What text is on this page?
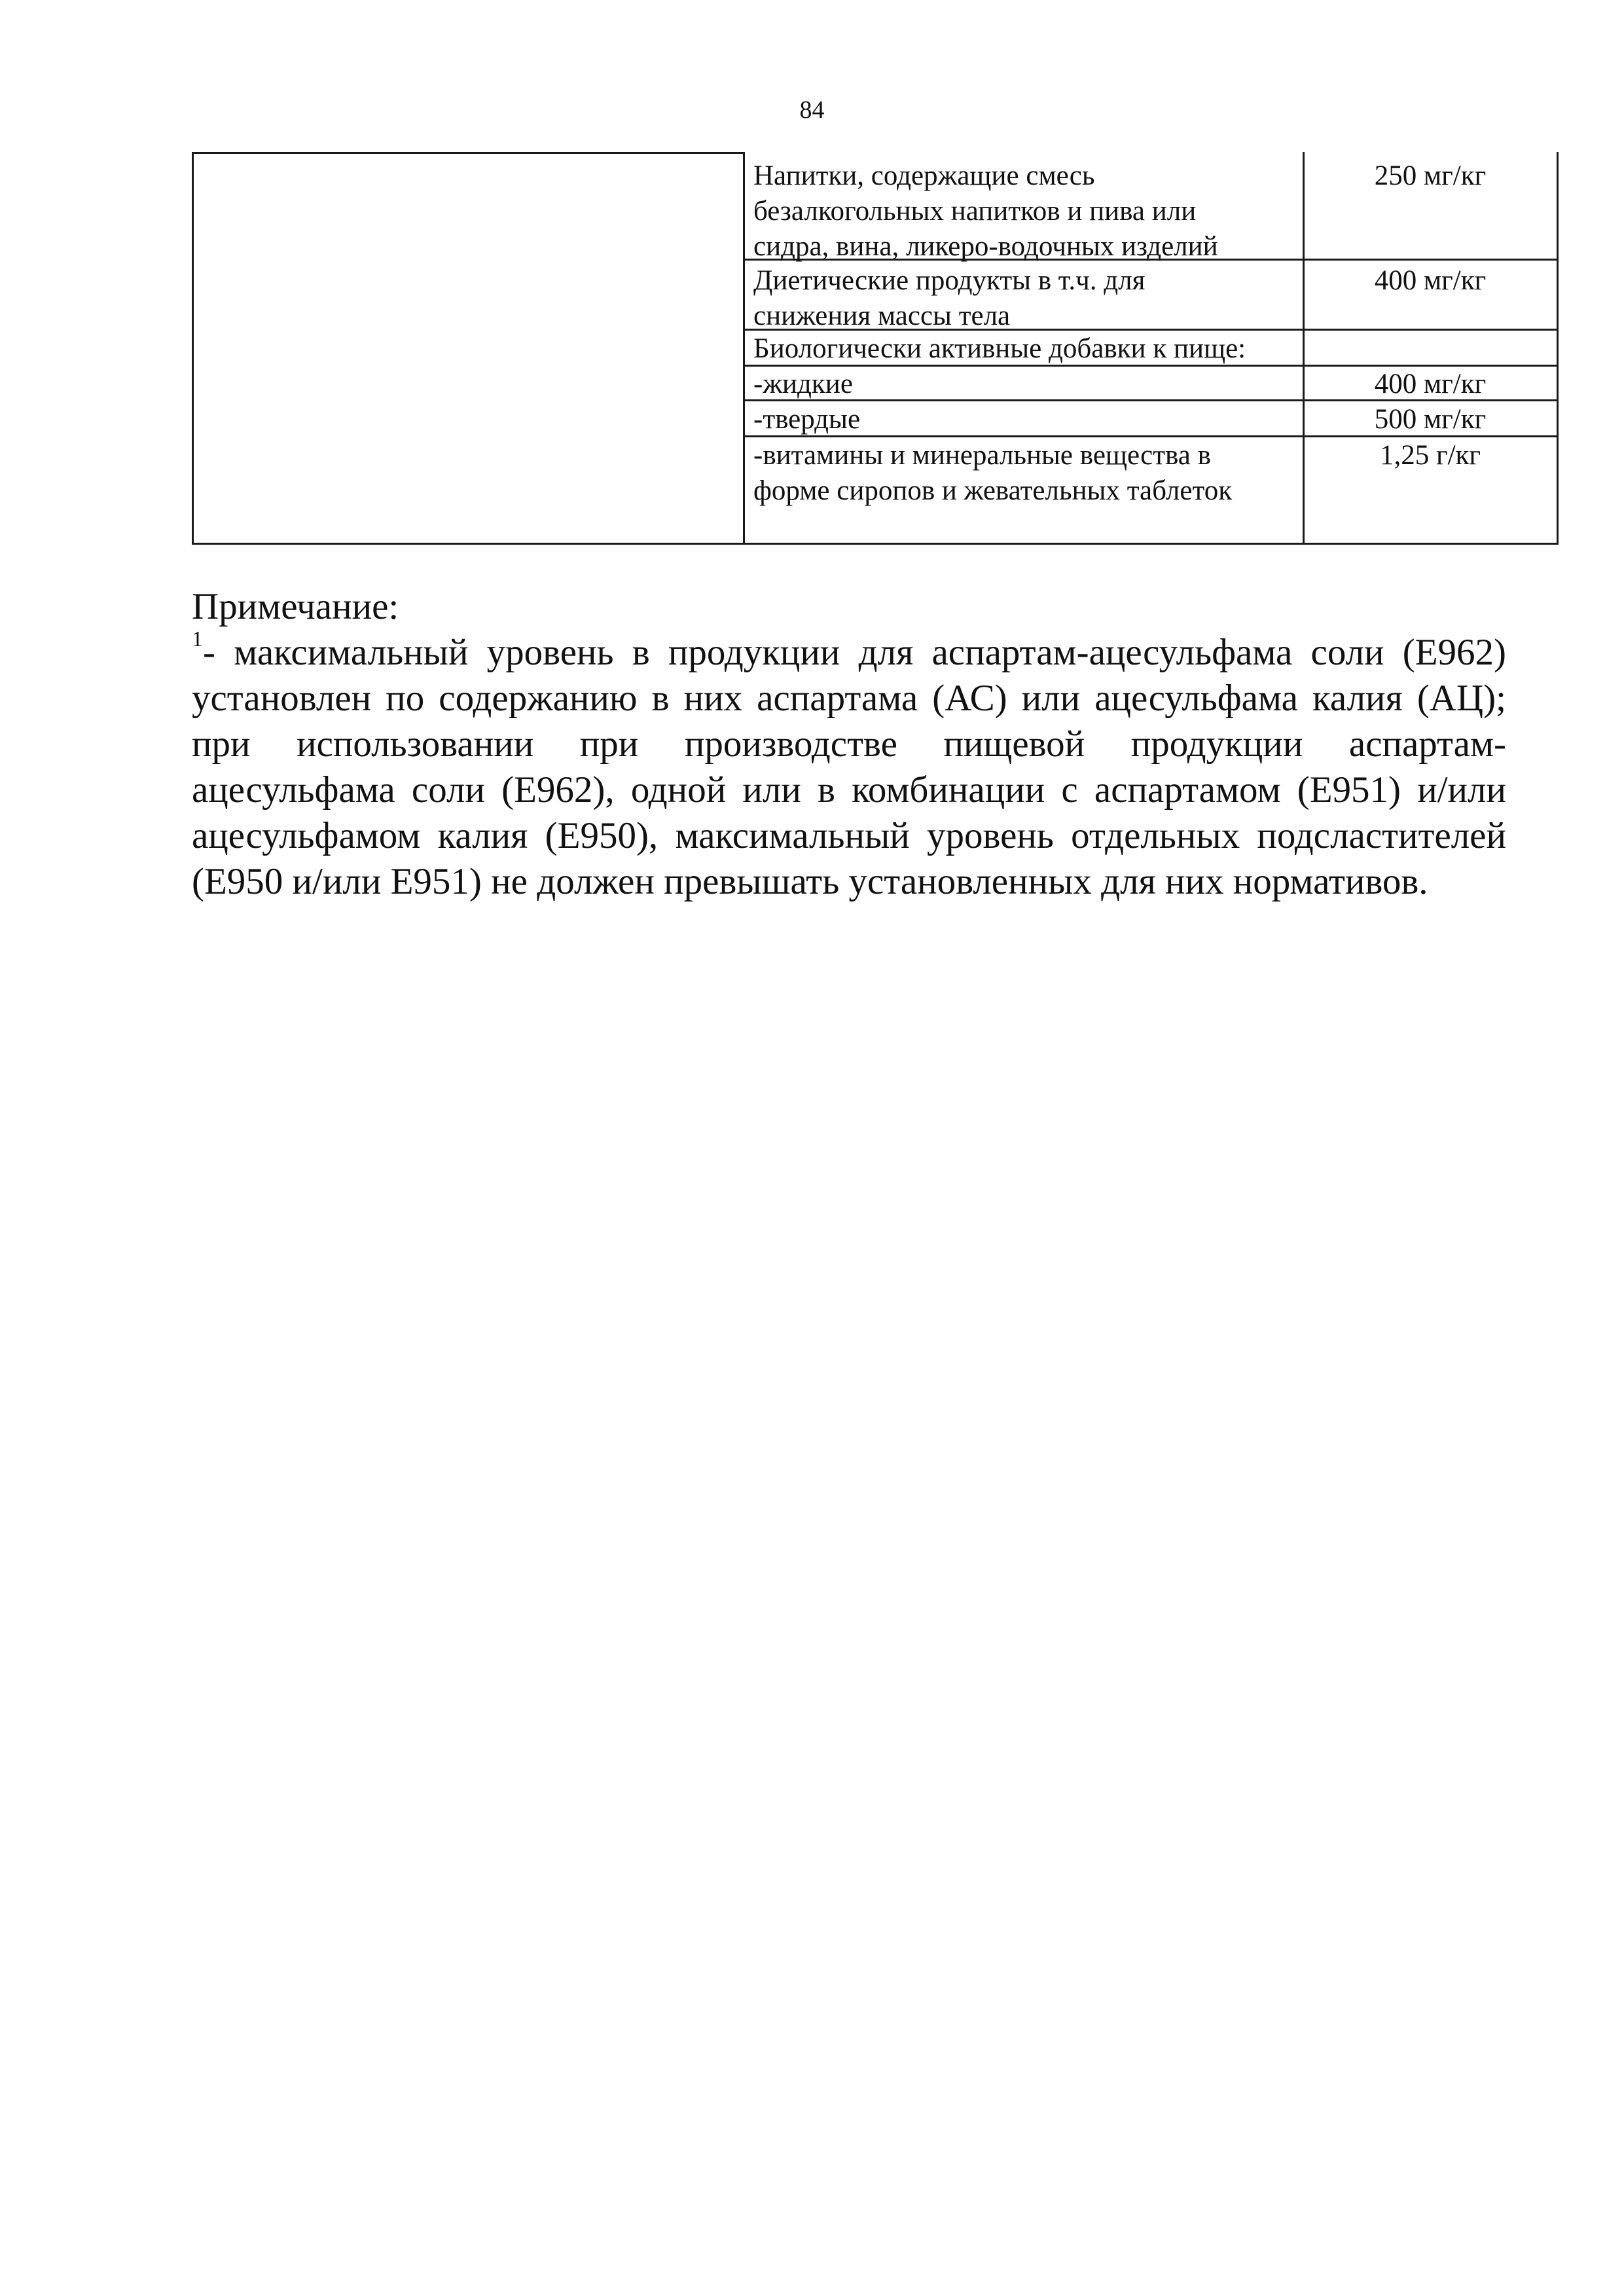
84
Напитки, содержащие смесь
безалкогольных напитков и пива или
сидра, вина, ликеро-водочных изделий
250 мг/кг
Диетические продукты в т.ч. для
снижения массы тела
400 мг/кг
Биологически активные добавки к пище:
-жидкие	400 мг/кг
-твердые	500 мг/кг
-витамины и минеральные вещества в
форме сиропов и жевательных таблеток
1,25 г/кг
Примечание:
$^1$- максимальный уровень в продукции для аспартам-ацесульфама соли (Е962)
установлен по содержанию в них аспартама (АС) или ацесульфама калия (АЦ);
при использовании при производстве пищевой продукции аспартам-
ацесульфама соли (Е962), одной или в комбинации с аспартамом (Е951) и/или
ацесульфамом калия (Е950), максимальный уровень отдельных подсластителей
(Е950 и/или Е951) не должен превышать установленных для них нормативов.
